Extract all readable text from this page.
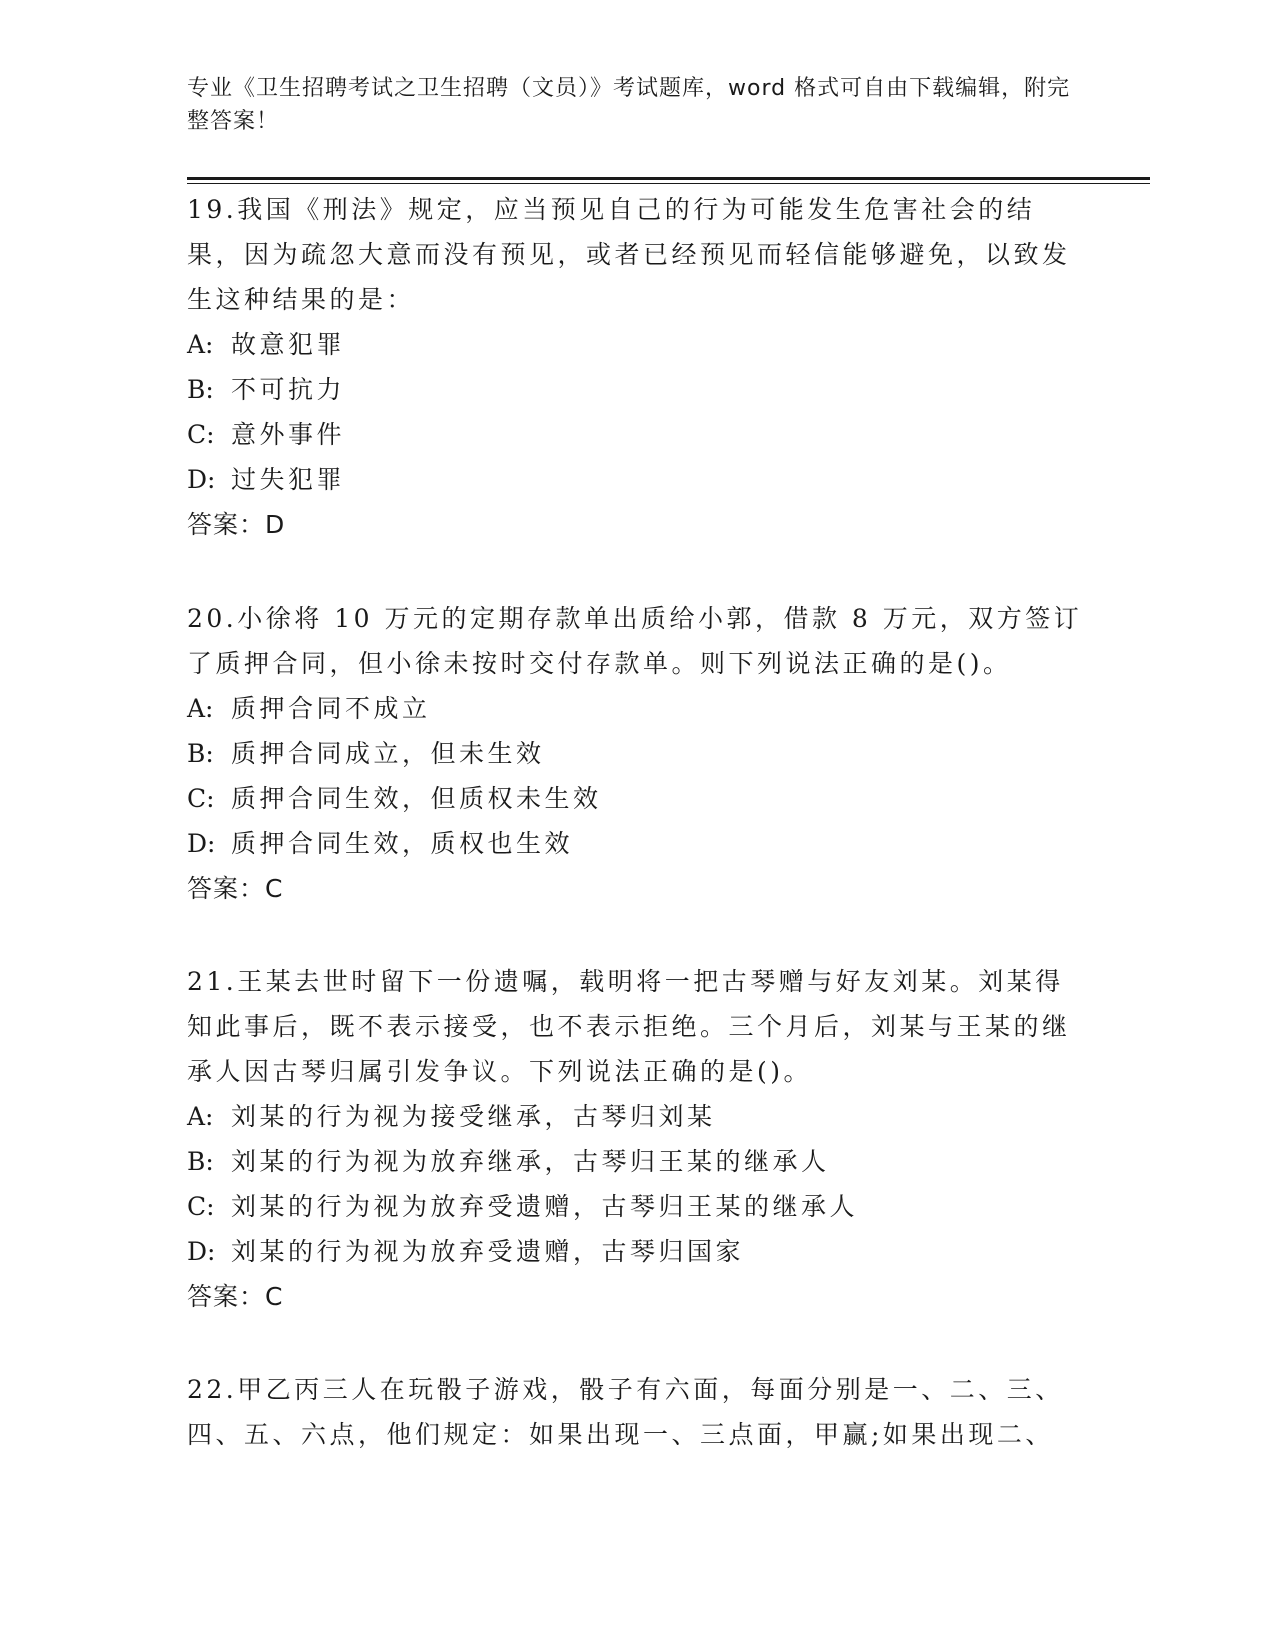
专业《卫生招聘考试之卫生招聘（文员）》考试题库，word 格式可自由下载编辑，附完整答案！

19.我国《刑法》规定，应当预见自己的行为可能发生危害社会的结果，因为疏忽大意而没有预见，或者已经预见而轻信能够避免，以致发生这种结果的是：

A: 故意犯罪

B: 不可抗力

C: 意外事件

D: 过失犯罪

答案：D

20.小徐将 10 万元的定期存款单出质给小郭，借款 8 万元，双方签订了质押合同，但小徐未按时交付存款单。则下列说法正确的是()。

A: 质押合同不成立

B: 质押合同成立，但未生效

C: 质押合同生效，但质权未生效

D: 质押合同生效，质权也生效

答案：C

21.王某去世时留下一份遗嘱，载明将一把古琴赠与好友刘某。刘某得知此事后，既不表示接受，也不表示拒绝。三个月后，刘某与王某的继承人因古琴归属引发争议。下列说法正确的是()。

A: 刘某的行为视为接受继承，古琴归刘某

B: 刘某的行为视为放弃继承，古琴归王某的继承人

C: 刘某的行为视为放弃受遗赠，古琴归王某的继承人

D: 刘某的行为视为放弃受遗赠，古琴归国家

答案：C

22.甲乙丙三人在玩骰子游戏，骰子有六面，每面分别是一、二、三、四、五、六点，他们规定：如果出现一、三点面，甲赢;如果出现二、
